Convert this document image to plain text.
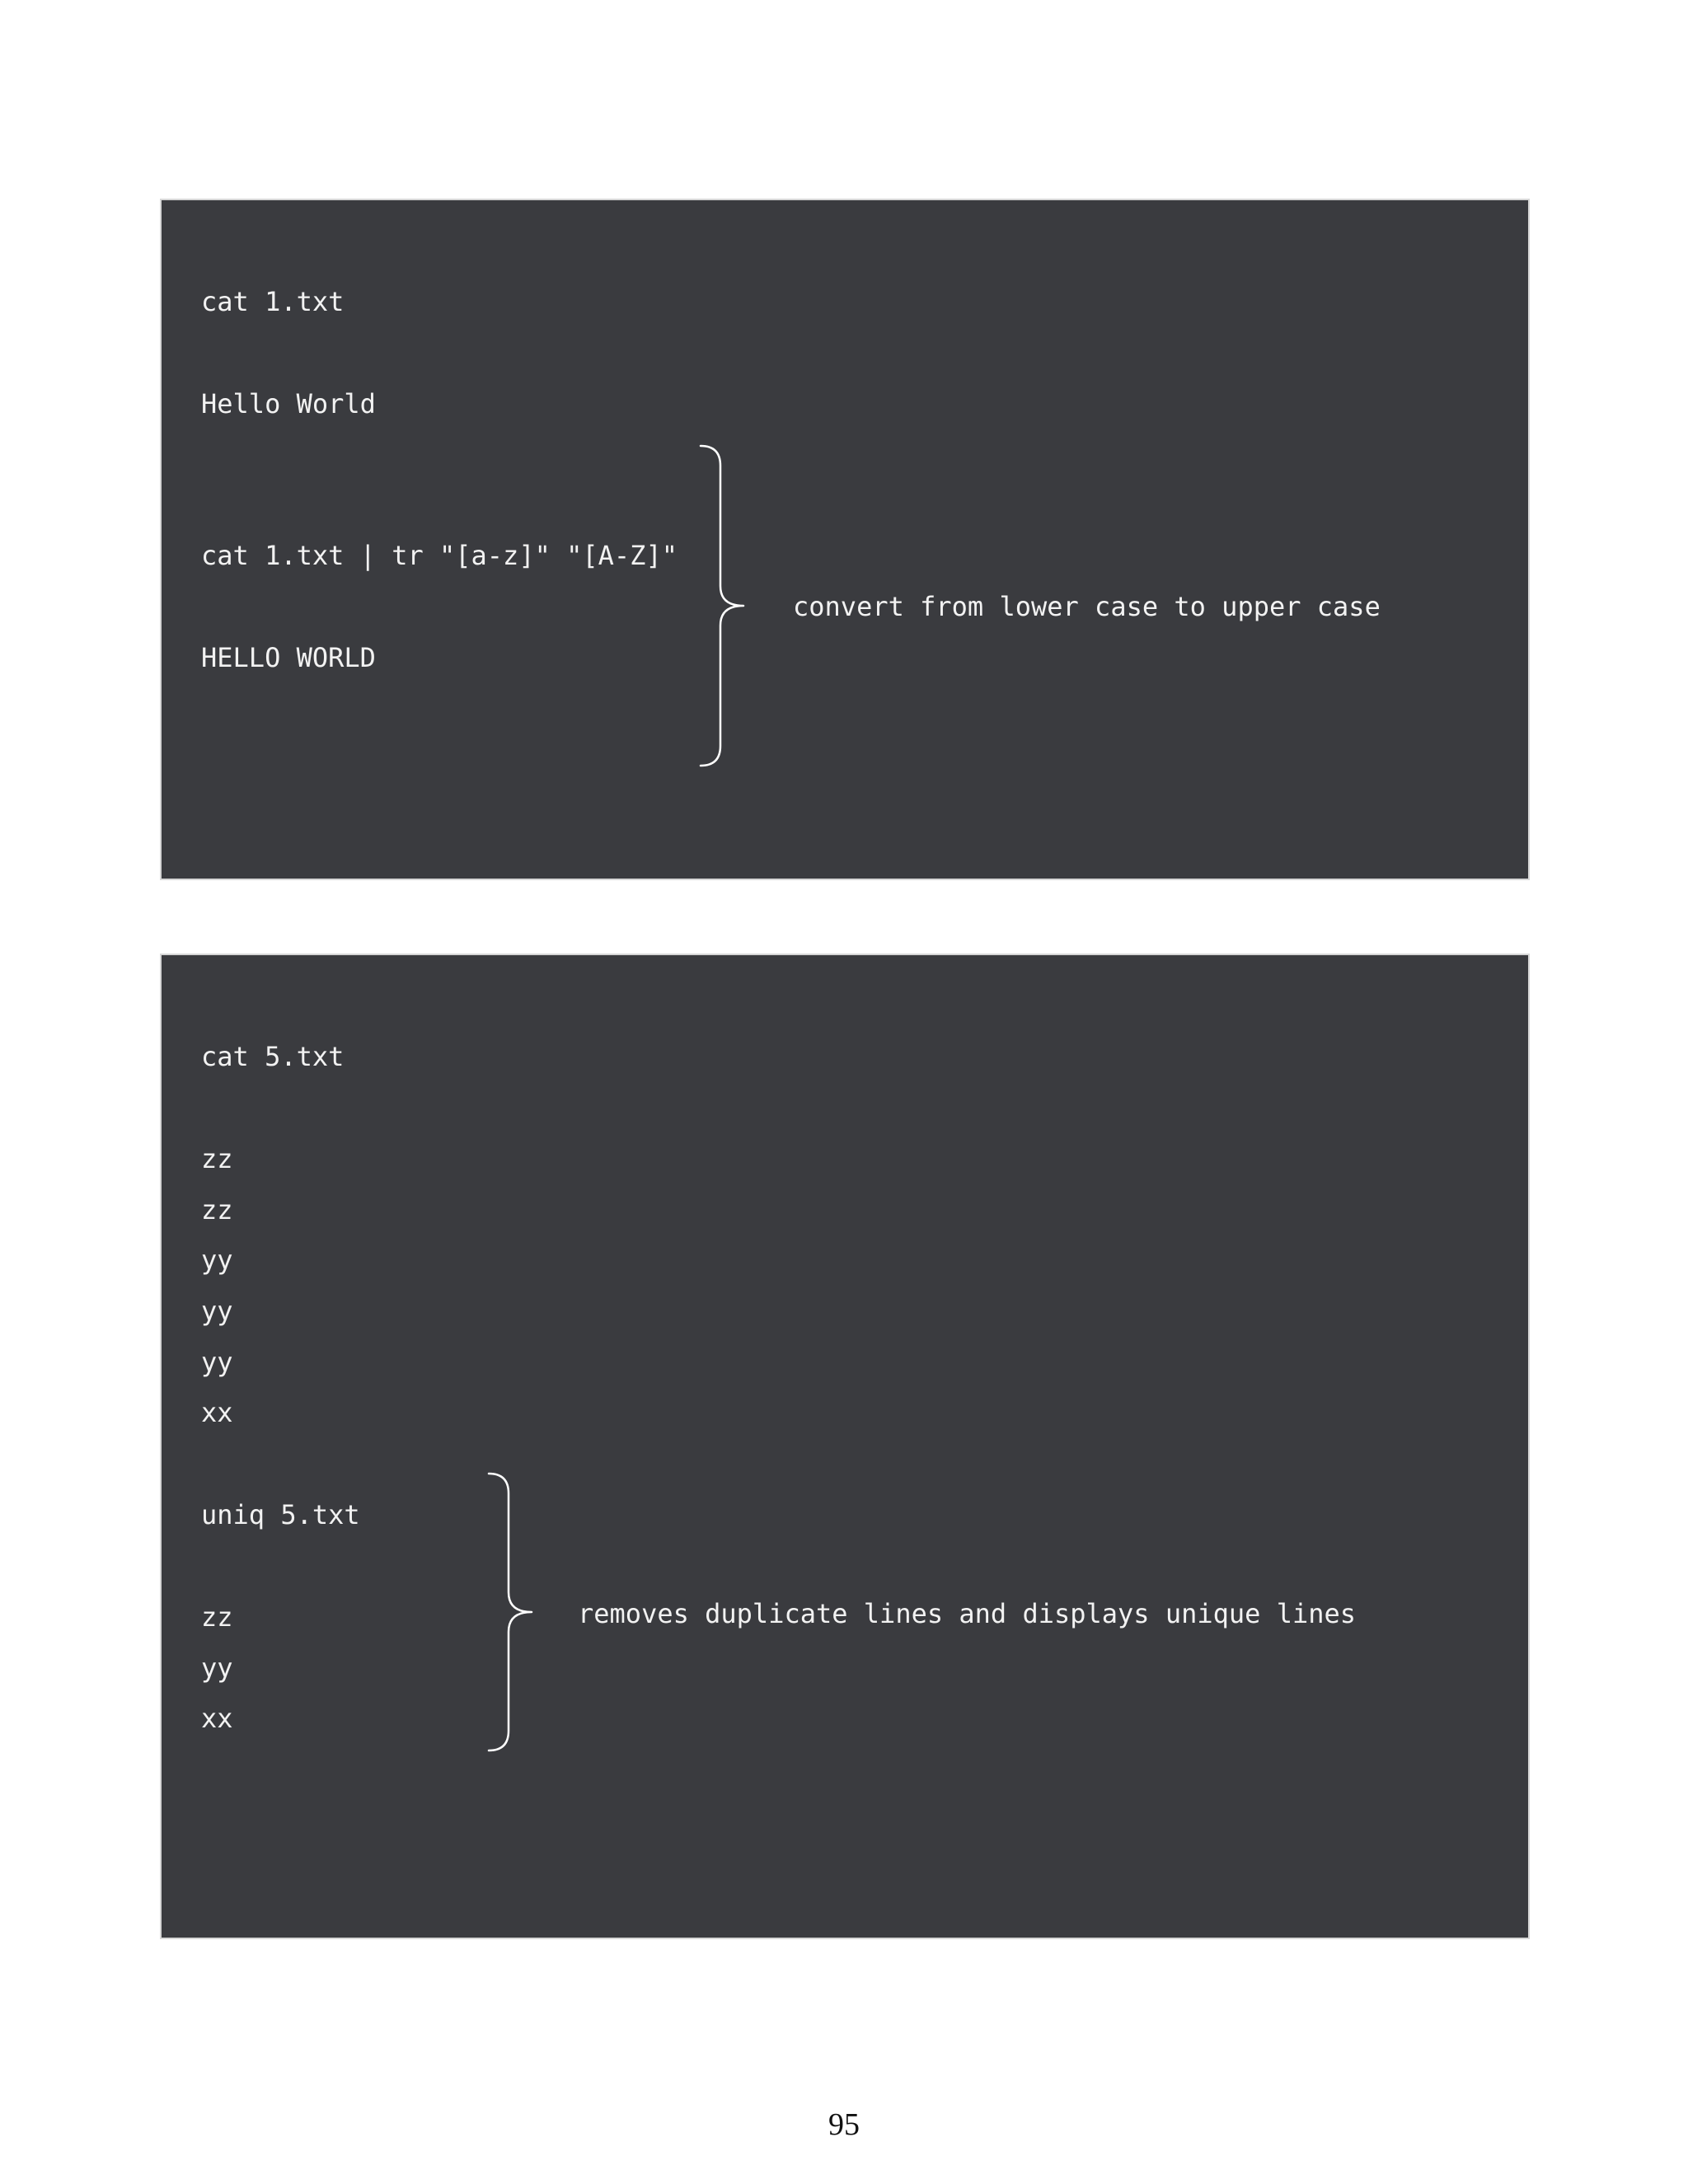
cat 1.txt

Hello World

cat 1.txt | tr "[a-z]" "[A-Z]"

HELLO WORLD

convert from lower case to upper case

cat 5.txt

zz

zz

yy

yy

yy

xx

uniq 5.txt

zz

yy

xx

removes duplicate lines and displays unique lines

95
